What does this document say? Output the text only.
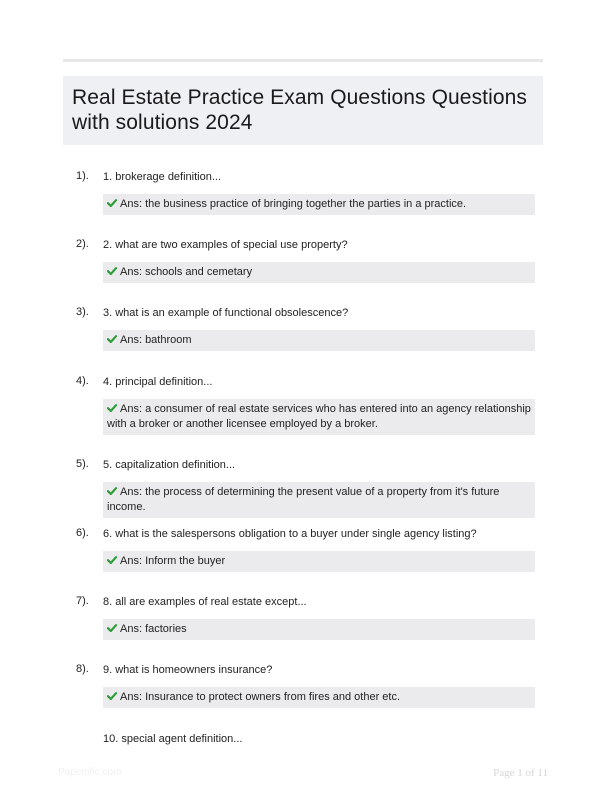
Real Estate Practice Exam Questions Questions with solutions 2024
1). 1. brokerage definition...
Ans: the business practice of bringing together the parties in a practice.
2). 2. what are two examples of special use property?
Ans: schools and cemetary
3). 3. what is an example of functional obsolescence?
Ans: bathroom
4). 4. principal definition...
Ans: a consumer of real estate services who has entered into an agency relationship with a broker or another licensee employed by a broker.
5). 5. capitalization definition...
Ans: the process of determining the present value of a property from it's future income.
6). 6. what is the salespersons obligation to a buyer under single agency listing?
Ans: Inform the buyer
7). 8. all are examples of real estate except...
Ans: factories
8). 9. what is homeowners insurance?
Ans: Insurance to protect owners from fires and other etc.
10. special agent definition...
Papertific.com	Page 1 of 11
